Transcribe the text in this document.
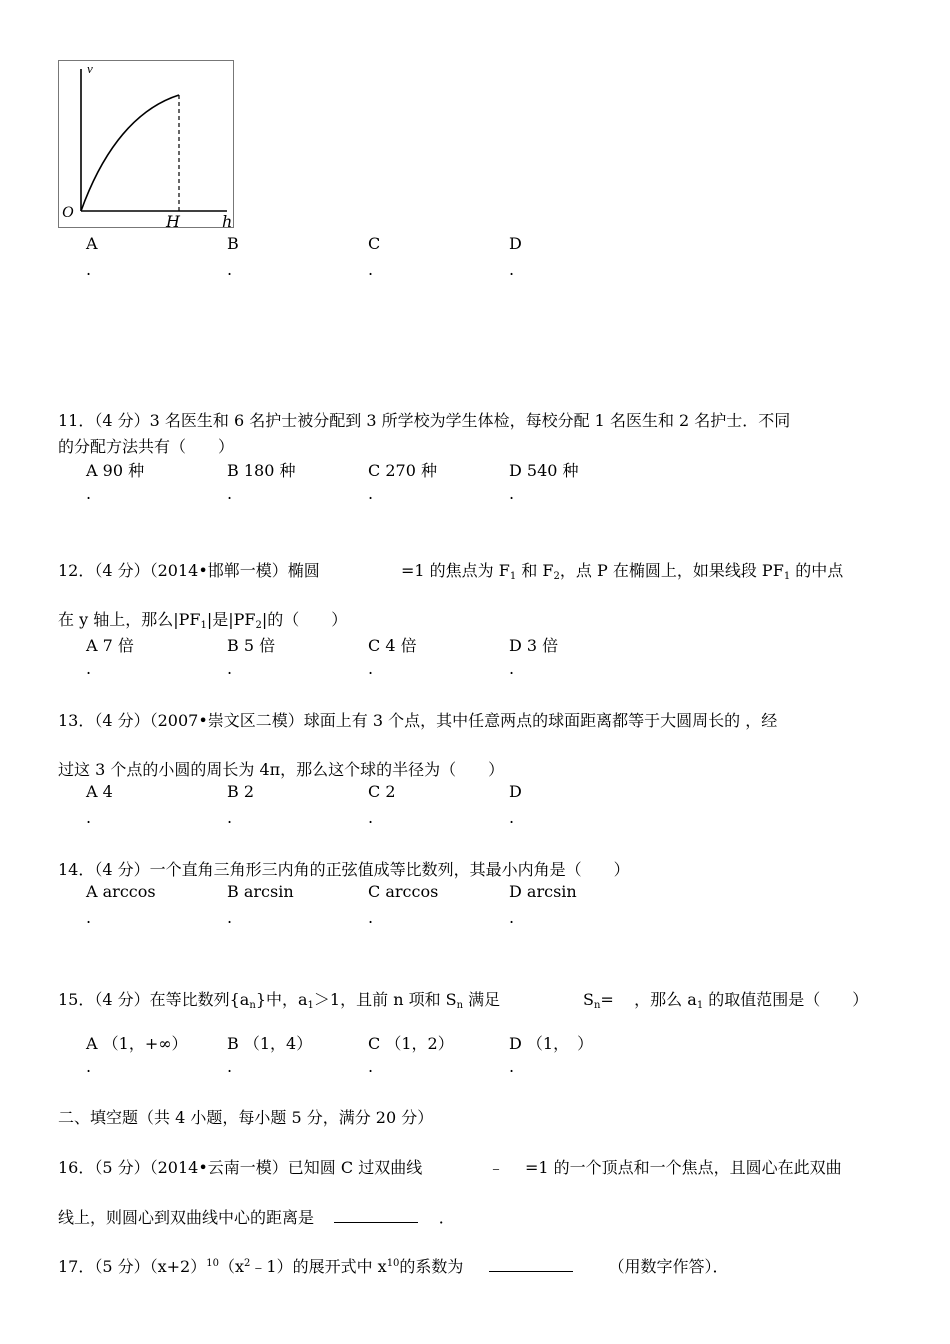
v
O	H	h
A	B	C	D
.	.	.	.
11．（4 分）3 名医生和 6 名护士被分配到 3 所学校为学生体检，每校分配 1 名医生和 2 名护士．不同
的分配方法共有（　　）
A 90 种	B 180 种	C 270 种	D 540 种
.	.	.	.
12．（4 分）（2014•邯郸一模）椭圆	=1 的焦点为 $F_1$ 和 $F_2$，点 P 在椭圆上，如果线段 $PF_1$ 的中点
在 y 轴上，那么$|PF_1|$是$|PF_2|$的（　　）
A 7 倍	B 5 倍	C 4 倍	D 3 倍
.	.	.	.
13．（4 分）（2007•崇文区二模）球面上有 3 个点，其中任意两点的球面距离都等于大圆周长的 ，经
过这 3 个点的小圆的周长为 4π，那么这个球的半径为（　　）
A 4	B 2	C 2	D
.	.	.	.
14．（4 分）一个直角三角形三内角的正弦值成等比数列，其最小内角是（　　）
A arccos	B arcsin	C arccos	D arcsin
.	.	.	.
15．（4 分）在等比数列$\{a_n\}$中，$a_1>1$，且前 n 项和 $S_n$ 满足	$S_n=$ ，那么 $a_1$ 的取值范围是（　　）
A （1，+∞） B （1，4）	C （1，2）	D （1，　）
.	.	.	.
二、填空题（共 4 小题，每小题 5 分，满分 20 分）
16．（5 分）（2014•云南一模）已知圆 C 过双曲线	﹣ =1 的一个顶点和一个焦点，且圆心在此双曲
线上，则圆心到双曲线中心的距离是	．
17．（5 分）$(x+2)^{10}(x^2﹣1)$的展开式中 $x^{10}$的系数为	（用数字作答）．
